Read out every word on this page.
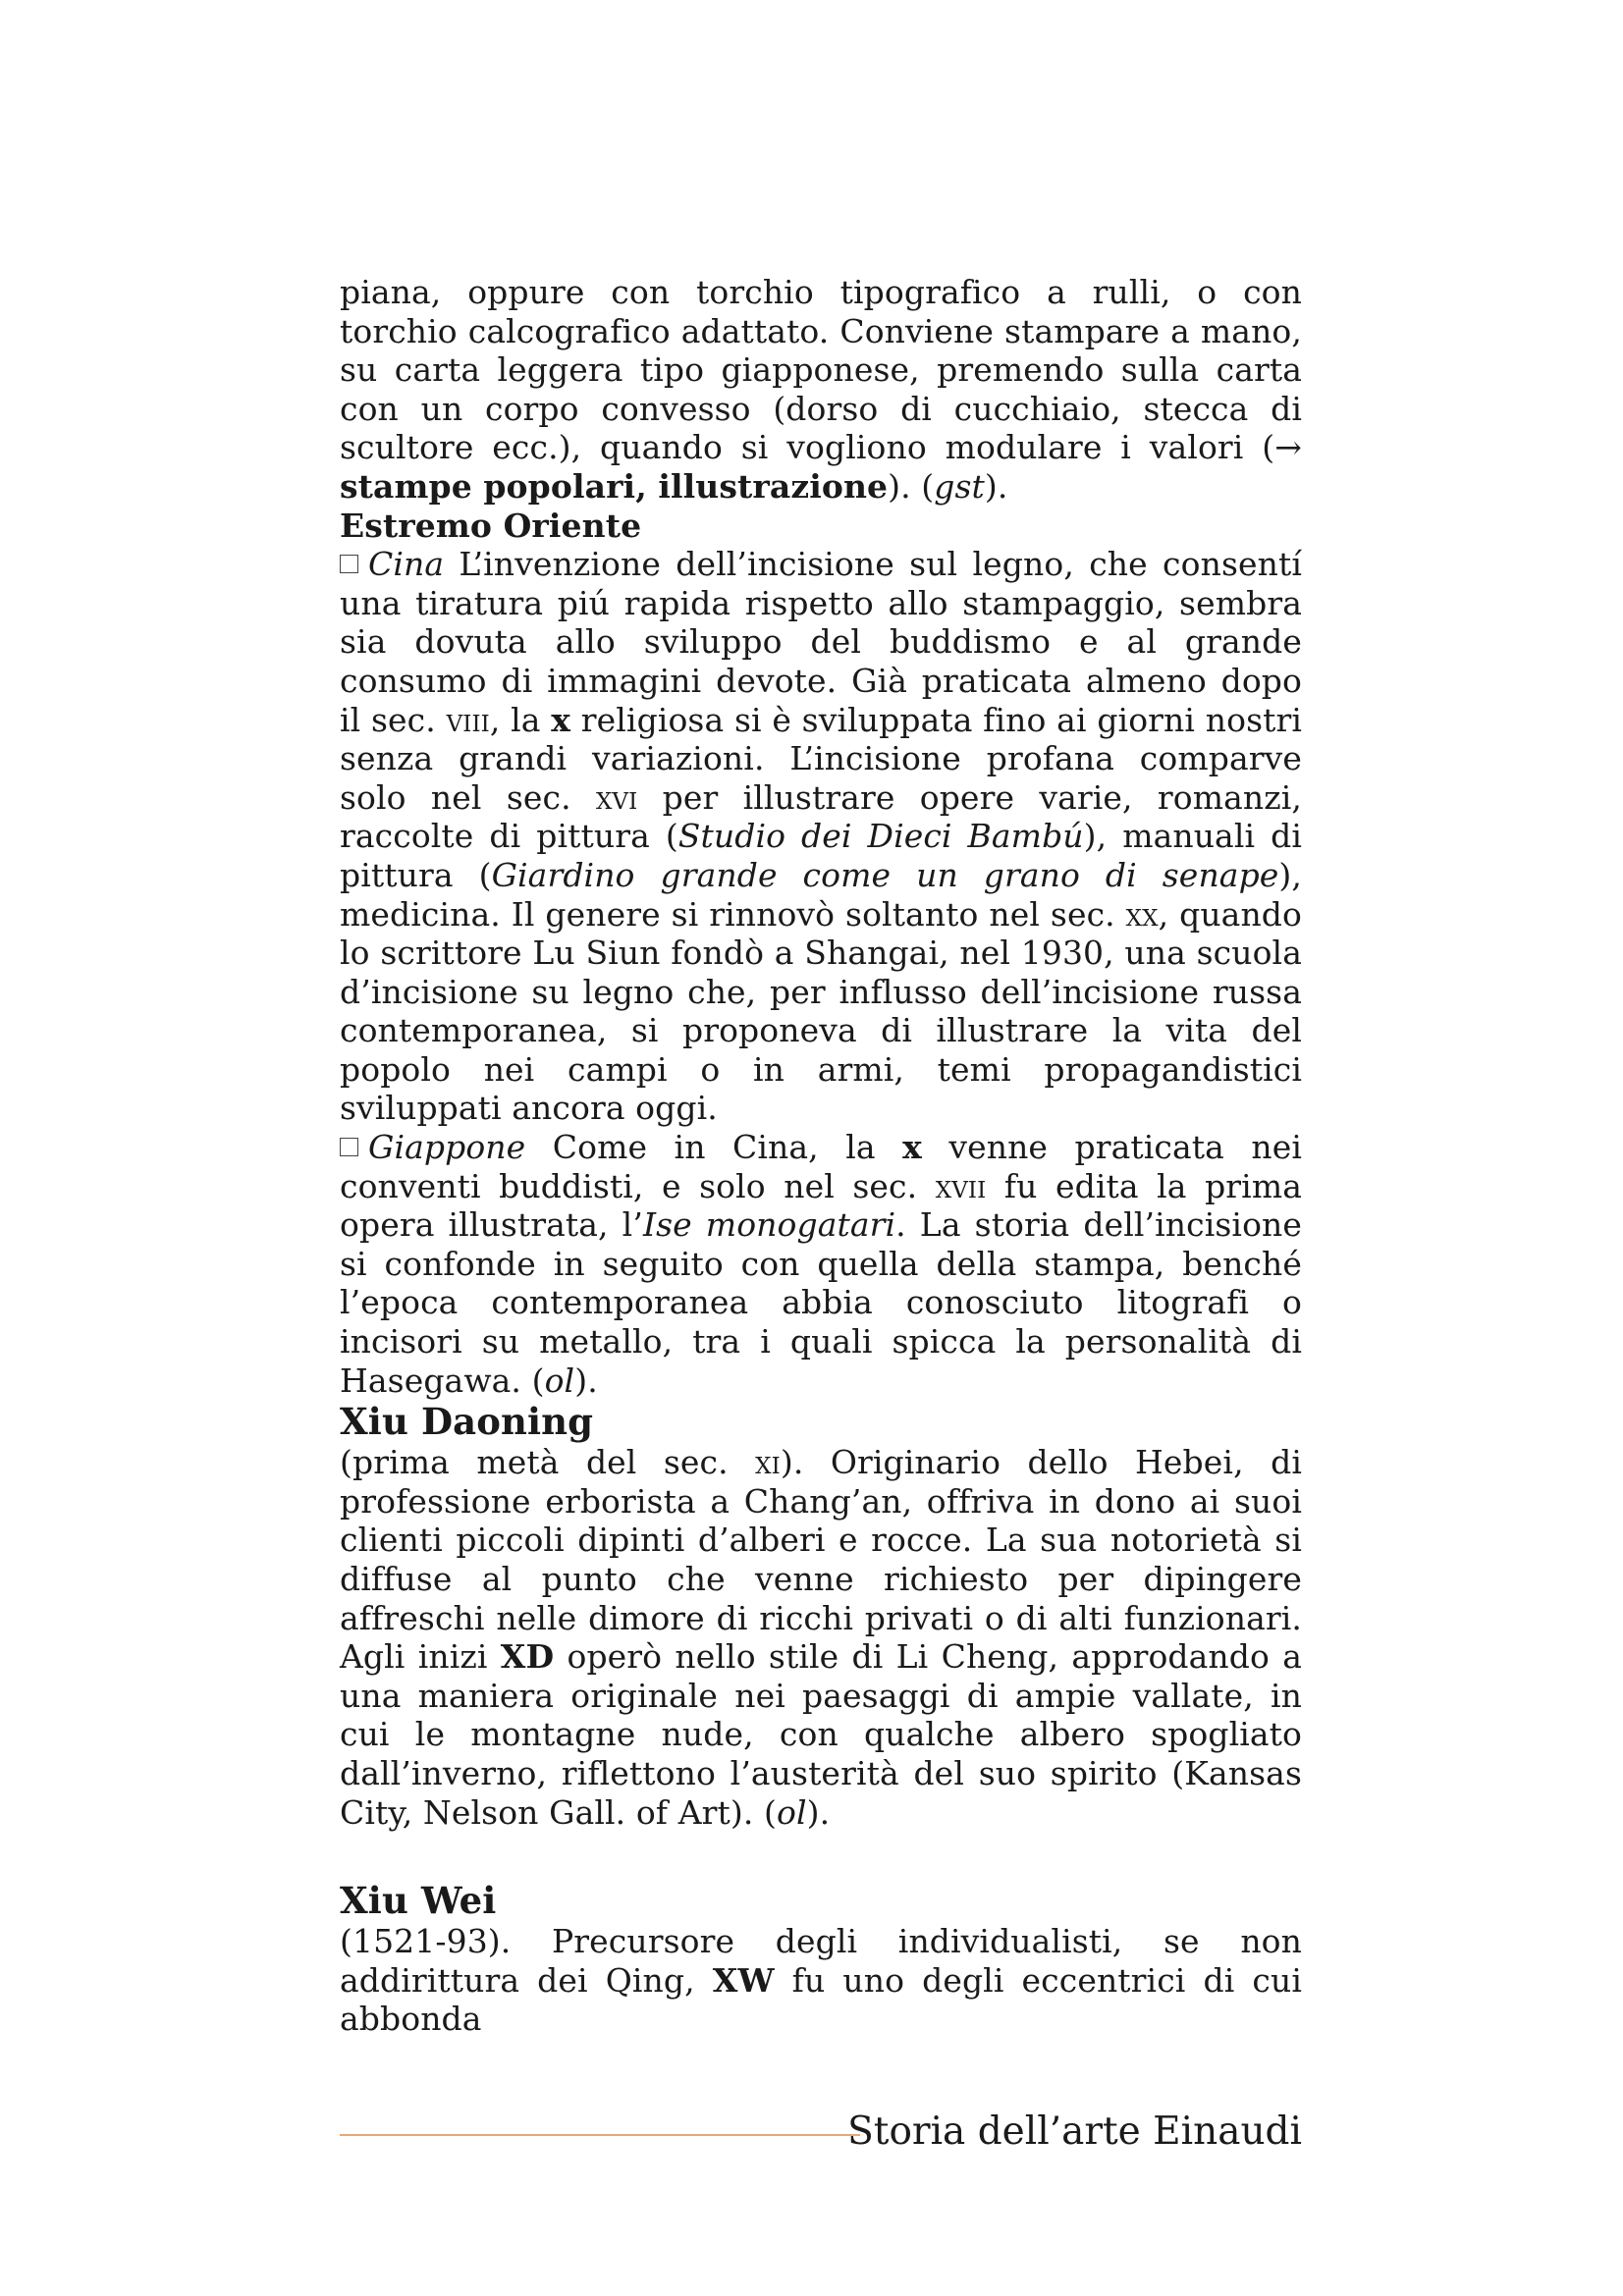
piana, oppure con torchio tipografico a rulli, o con torchio calcografico adattato. Conviene stampare a mano, su carta leggera tipo giapponese, premendo sulla carta con un corpo convesso (dorso di cucchiaio, stecca di scultore ecc.), quando si vogliono modulare i valori (→ stampe popolari, illustrazione). (gst).

Estremo Oriente

Cina L’invenzione dell’incisione sul legno, che consentí una tiratura piú rapida rispetto allo stampaggio, sembra sia dovuta allo sviluppo del buddismo e al grande consumo di immagini devote. Già praticata almeno dopo il sec. viii, la x religiosa si è sviluppata fino ai giorni nostri senza grandi variazioni. L’incisione profana comparve solo nel sec. xvi per illustrare opere varie, romanzi, raccolte di pittura (Studio dei Dieci Bambú), manuali di pittura (Giardino grande come un grano di senape), medicina. Il genere si rinnovò soltanto nel sec. xx, quando lo scrittore Lu Siun fondò a Shangai, nel 1930, una scuola d’incisione su legno che, per influsso dell’incisione russa contemporanea, si proponeva di illustrare la vita del popolo nei campi o in armi, temi propagandistici sviluppati ancora oggi.

Giappone Come in Cina, la x venne praticata nei conventi buddisti, e solo nel sec. xvii fu edita la prima opera illustrata, l’Ise monogatari. La storia dell’incisione si confonde in seguito con quella della stampa, benché l’epoca contemporanea abbia conosciuto litografi o incisori su metallo, tra i quali spicca la personalità di Hasegawa. (ol).

Xiu Daoning

(prima metà del sec. xi). Originario dello Hebei, di professione erborista a Chang’an, offriva in dono ai suoi clienti piccoli dipinti d’alberi e rocce. La sua notorietà si diffuse al punto che venne richiesto per dipingere affreschi nelle dimore di ricchi privati o di alti funzionari. Agli inizi XD operò nello stile di Li Cheng, approdando a una maniera originale nei paesaggi di ampie vallate, in cui le montagne nude, con qualche albero spogliato dall’inverno, riflettono l’austerità del suo spirito (Kansas City, Nelson Gall. of Art). (ol).

Xiu Wei

(1521-93). Precursore degli individualisti, se non addirittura dei Qing, XW fu uno degli eccentrici di cui abbonda

Storia dell’arte Einaudi
